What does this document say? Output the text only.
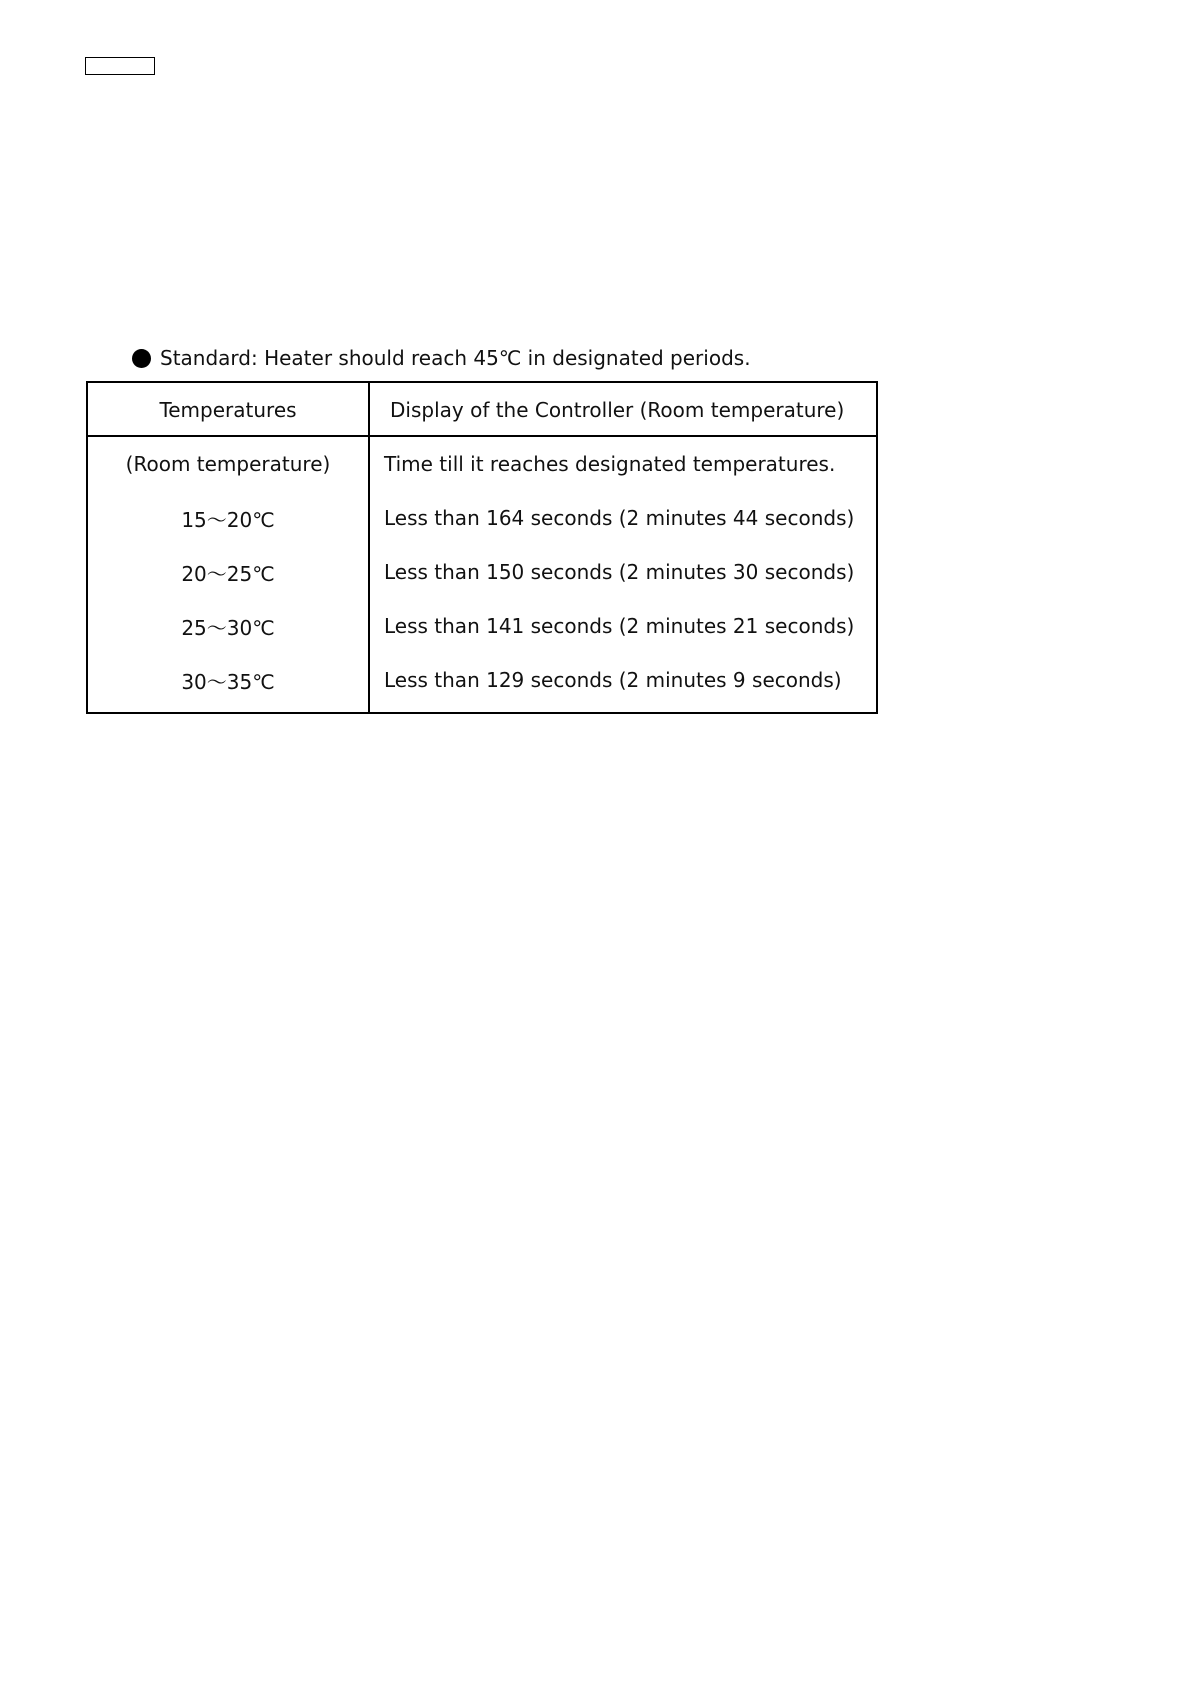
Standard: Heater should reach 45℃ in designated periods.
Temperatures	Display of the Controller (Room temperature)
(Room temperature)	Time till it reaches designated temperatures.
15～20℃	Less than 164 seconds (2 minutes 44 seconds)
20～25℃	Less than 150 seconds (2 minutes 30 seconds)
25～30℃	Less than 141 seconds (2 minutes 21 seconds)
30～35℃	Less than 129 seconds (2 minutes 9 seconds)
